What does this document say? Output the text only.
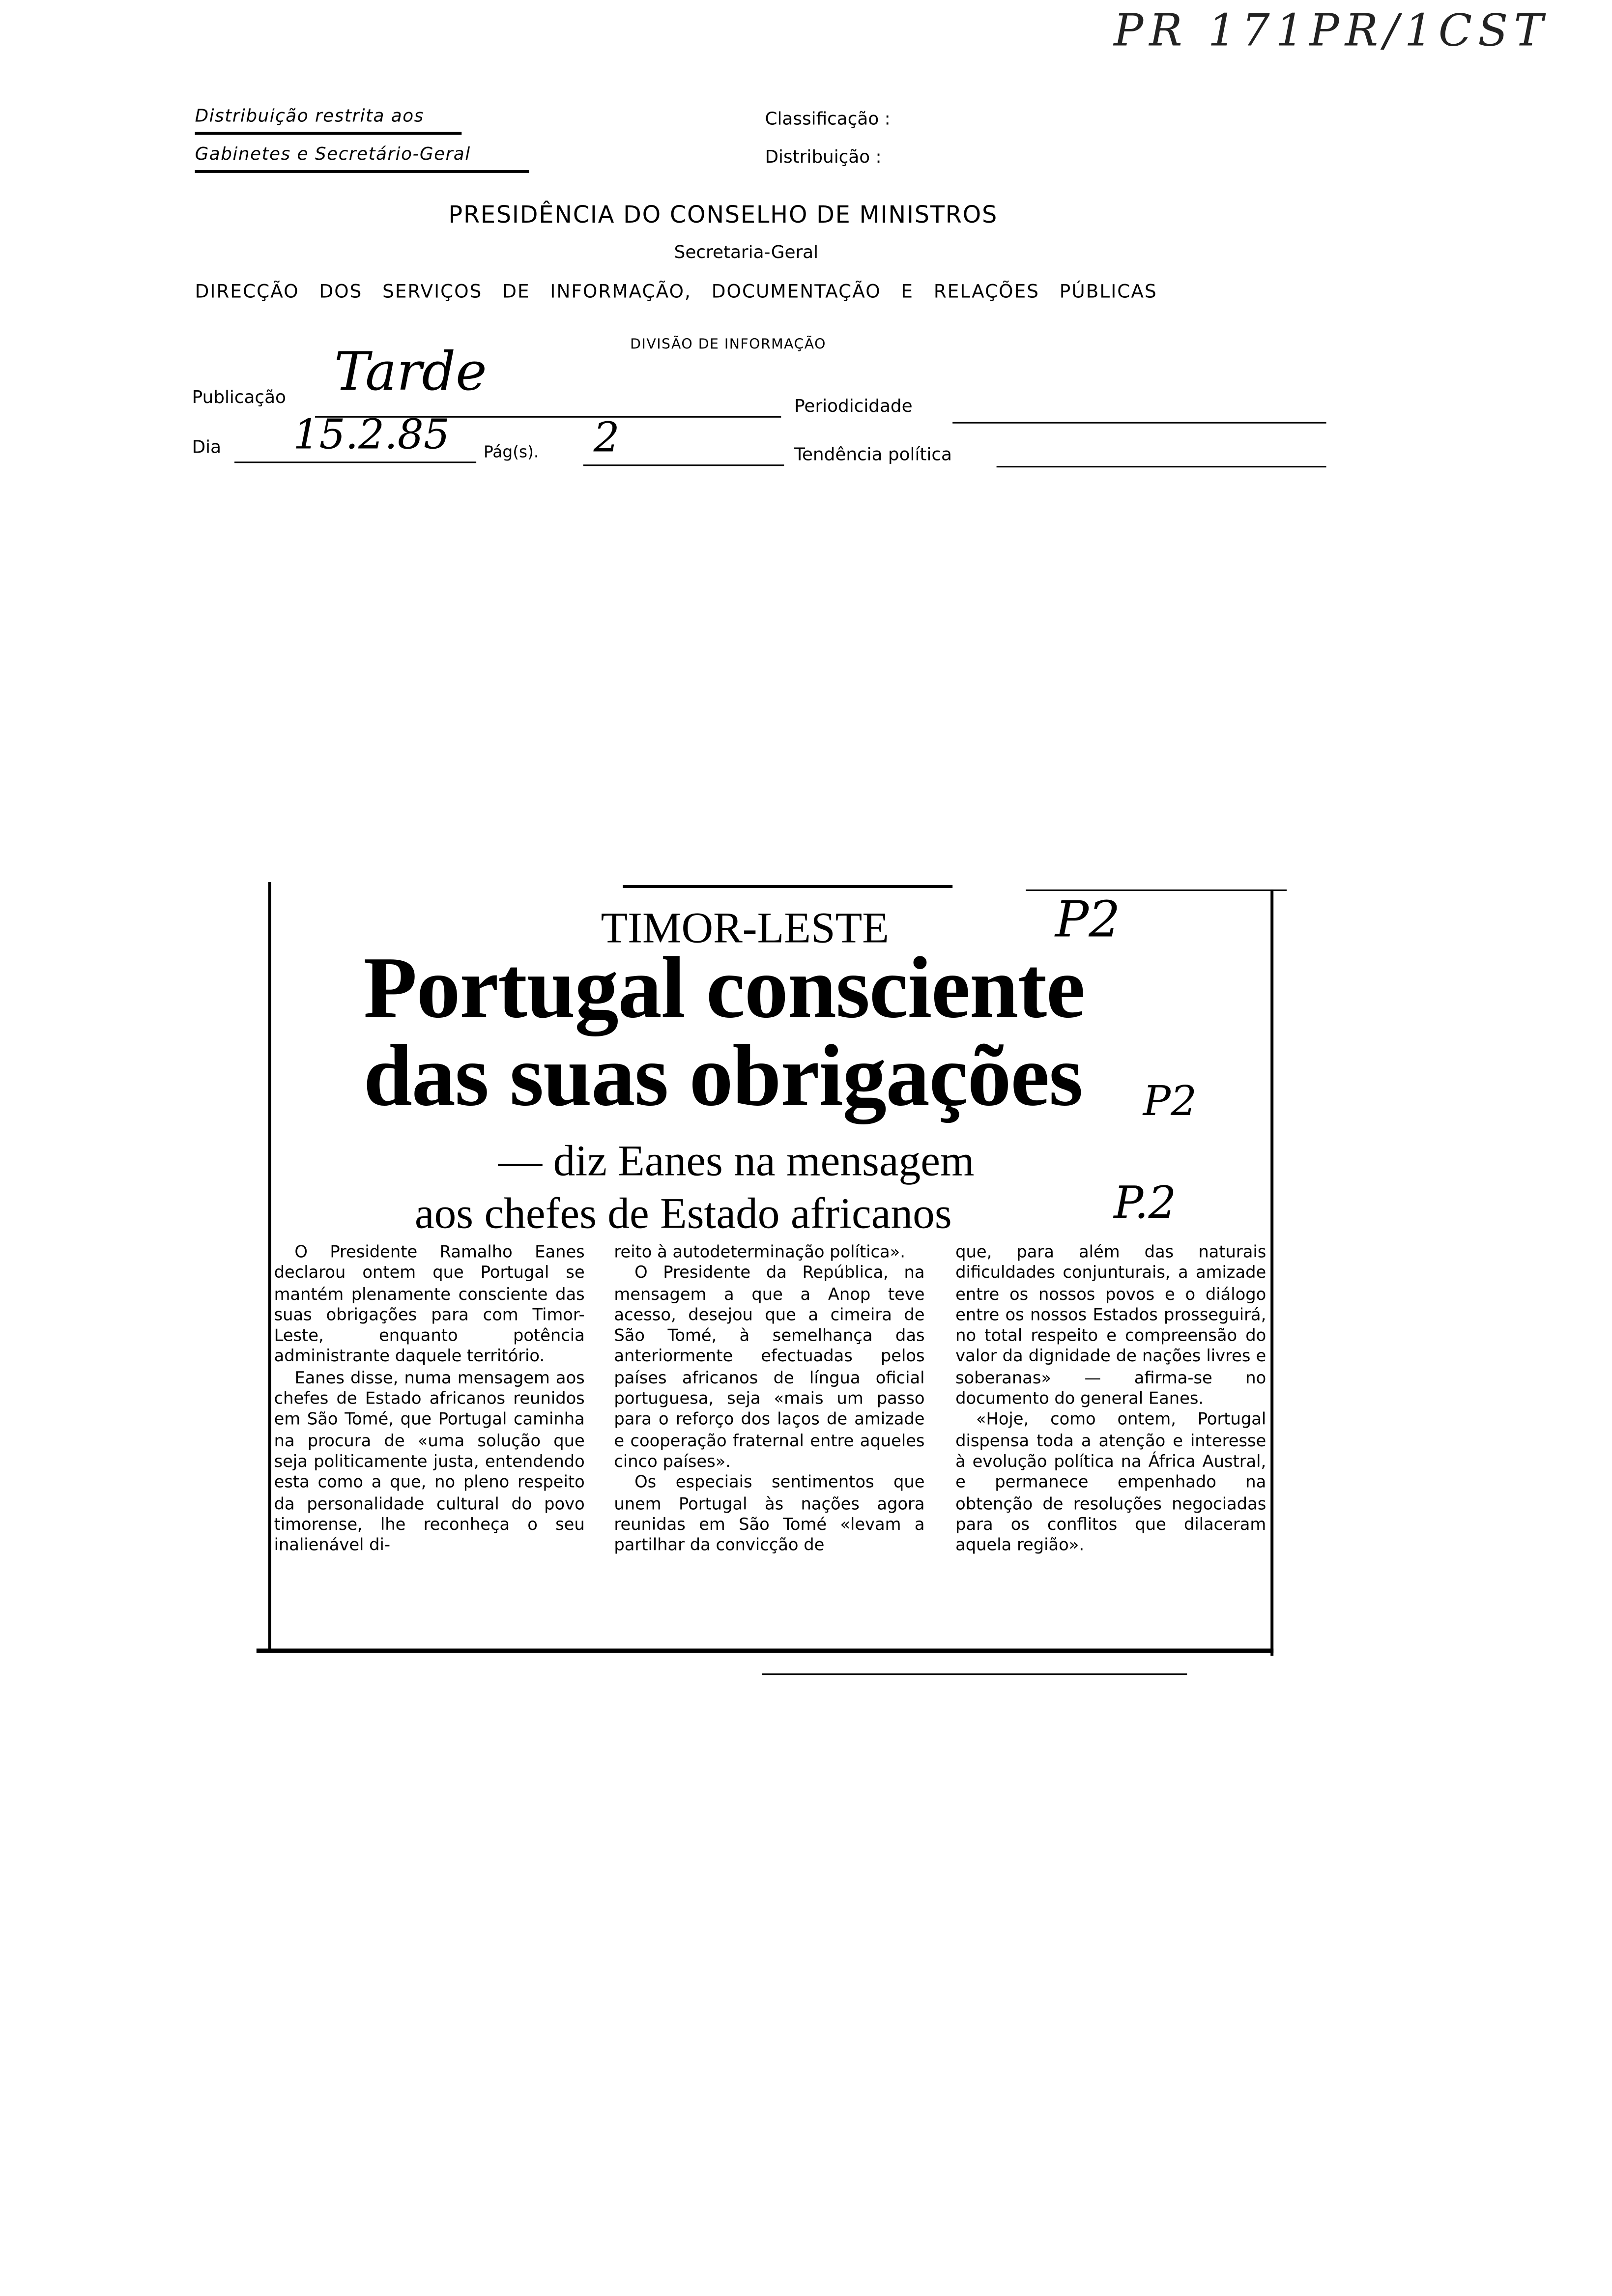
PR 171PR/1CST
Distribuição restrita aos
Gabinetes e Secretário-Geral
Classificação :
Distribuição :
PRESIDÊNCIA DO CONSELHO DE MINISTROS
Secretaria-Geral
DIRECÇÃO DOS SERVIÇOS DE INFORMAÇÃO, DOCUMENTAÇÃO E RELAÇÕES PÚBLICAS
DIVISÃO DE INFORMAÇÃO
Publicação	Tarde
Periodicidade
Dia	15.2.85	Pág(s).	2	Tendência política
TIMOR-LESTE	P2
Portugal consciente
das suas obrigações	P2
— diz Eanes na mensagem
aos chefes de Estado africanos	P.2

O Presidente Ramalho Eanes declarou ontem que Portugal se mantém plenamente consciente das suas obrigações para com Timor-Leste, enquanto potência administrante daquele território.

Eanes disse, numa mensagem aos chefes de Estado africanos reunidos em São Tomé, que Portugal caminha na procura de «uma solução que seja politicamente justa, entendendo esta como a que, no pleno respeito da personalidade cultural do povo timorense, lhe reconheça o seu inalienável di-

reito à autodeterminação política».

O Presidente da República, na mensagem a que a Anop teve acesso, desejou que a cimeira de São Tomé, à semelhança das anteriormente efectuadas pelos países africanos de língua oficial portuguesa, seja «mais um passo para o reforço dos laços de amizade e cooperação fraternal entre aqueles cinco países».

Os especiais sentimentos que unem Portugal às nações agora reunidas em São Tomé «levam a partilhar da convicção de

que, para além das naturais dificuldades conjunturais, a amizade entre os nossos povos e o diálogo entre os nossos Estados prosseguirá, no total respeito e compreensão do valor da dignidade de nações livres e soberanas» — afirma-se no documento do general Eanes.

«Hoje, como ontem, Portugal dispensa toda a atenção e interesse à evolução política na África Austral, e permanece empenhado na obtenção de resoluções negociadas para os conflitos que dilaceram aquela região».
